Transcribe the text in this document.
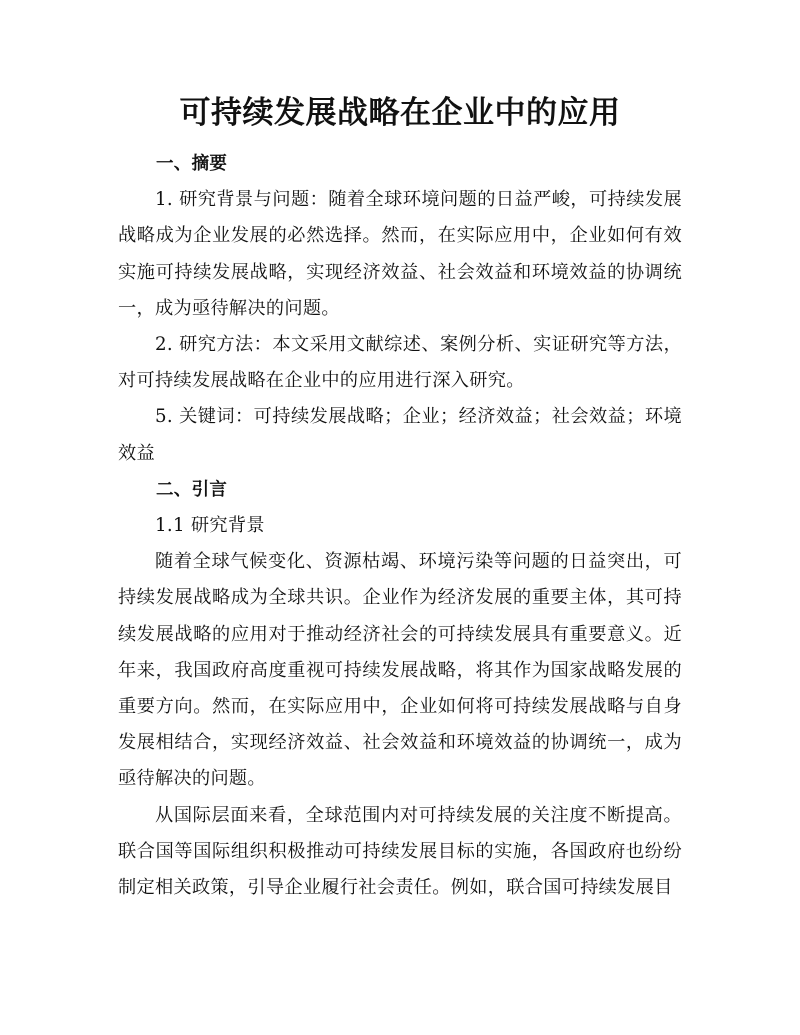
可持续发展战略在企业中的应用
一、摘要
1. 研究背景与问题：随着全球环境问题的日益严峻，可持续发展战略成为企业发展的必然选择。然而，在实际应用中，企业如何有效实施可持续发展战略，实现经济效益、社会效益和环境效益的协调统一，成为亟待解决的问题。
2. 研究方法：本文采用文献综述、案例分析、实证研究等方法，对可持续发展战略在企业中的应用进行深入研究。
5. 关键词：可持续发展战略；企业；经济效益；社会效益；环境效益
二、引言
1.1 研究背景
随着全球气候变化、资源枯竭、环境污染等问题的日益突出，可持续发展战略成为全球共识。企业作为经济发展的重要主体，其可持续发展战略的应用对于推动经济社会的可持续发展具有重要意义。近年来，我国政府高度重视可持续发展战略，将其作为国家战略发展的重要方向。然而，在实际应用中，企业如何将可持续发展战略与自身发展相结合，实现经济效益、社会效益和环境效益的协调统一，成为亟待解决的问题。
从国际层面来看，全球范围内对可持续发展的关注度不断提高。联合国等国际组织积极推动可持续发展目标的实施，各国政府也纷纷制定相关政策，引导企业履行社会责任。例如，联合国可持续发展目
